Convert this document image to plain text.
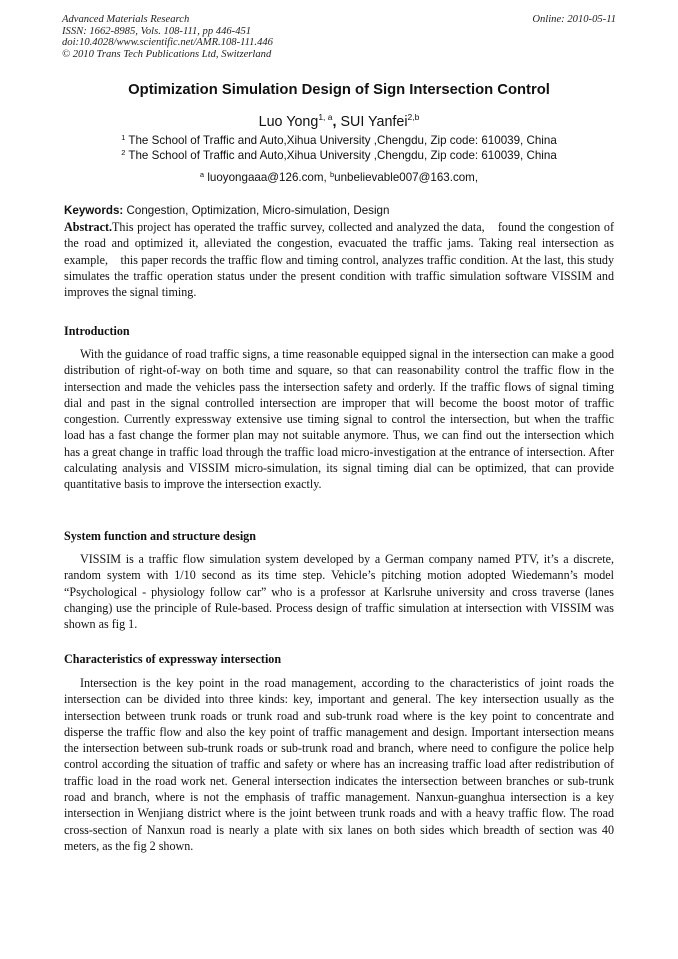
Advanced Materials Research
ISSN: 1662-8985, Vols. 108-111, pp 446-451
doi:10.4028/www.scientific.net/AMR.108-111.446
© 2010 Trans Tech Publications Ltd, Switzerland
Online: 2010-05-11
Optimization Simulation Design of Sign Intersection Control
Luo Yong$^{1, a}$, SUI Yanfei$^{2,b}$
$^1$ The School of Traffic and Auto,Xihua University ,Chengdu, Zip code: 610039, China
$^2$ The School of Traffic and Auto,Xihua University ,Chengdu, Zip code: 610039, China
$^a$ luoyongaaa@126.com, $^b$unbelievable007@163.com,
Keywords: Congestion, Optimization, Micro-simulation, Design

Abstract.This project has operated the traffic survey, collected and analyzed the data,　found the congestion of the road and optimized it, alleviated the congestion, evacuated the traffic jams. Taking real intersection as example,　this paper records the traffic flow and timing control, analyzes traffic condition. At the last, this study simulates the traffic operation status under the present condition with traffic simulation software VISSIM and improves the signal timing.

Introduction

With the guidance of road traffic signs, a time reasonable equipped signal in the intersection can make a good distribution of right-of-way on both time and square, so that can reasonability control the traffic flow in the intersection and made the vehicles pass the intersection safety and orderly. If the traffic flows of signal timing dial and past in the signal controlled intersection are improper that will become the boost motor of traffic congestion. Currently expressway extensive use timing signal to control the intersection, but when the traffic load has a fast change the former plan may not suitable anymore. Thus, we can find out the intersection which has a great change in traffic load through the traffic load micro-investigation at the entrance of intersection. After calculating analysis and VISSIM micro-simulation, its signal timing dial can be optimized, that can provide quantitative basis to improve the intersection exactly.

System function and structure design

VISSIM is a traffic flow simulation system developed by a German company named PTV, it’s a discrete, random system with 1/10 second as its time step. Vehicle’s pitching motion adopted Wiedemann’s model “Psychological - physiology follow car” who is a professor at Karlsruhe university and cross traverse (lanes changing) use the principle of Rule-based. Process design of traffic simulation at intersection with VISSIM was shown as fig 1.

Characteristics of expressway intersection

Intersection is the key point in the road management, according to the characteristics of joint roads the intersection can be divided into three kinds: key, important and general. The key intersection usually as the intersection between trunk roads or trunk road and sub-trunk road where is the key point to concentrate and disperse the traffic flow and also the key point of traffic management and design. Important intersection means the intersection between sub-trunk roads or sub-trunk road and branch, where need to configure the police help control according the situation of traffic and safety or where has an increasing traffic load after redistribution of traffic load in the road work net. General intersection indicates the intersection between branches or sub-trunk road and branch, where is not the emphasis of traffic management. Nanxun-guanghua intersection is a key intersection in Wenjiang district where is the joint between trunk roads and with a heavy traffic flow. The road cross-section of Nanxun road is nearly a plate with six lanes on both sides which breadth of section was 40 meters, as the fig 2 shown.
